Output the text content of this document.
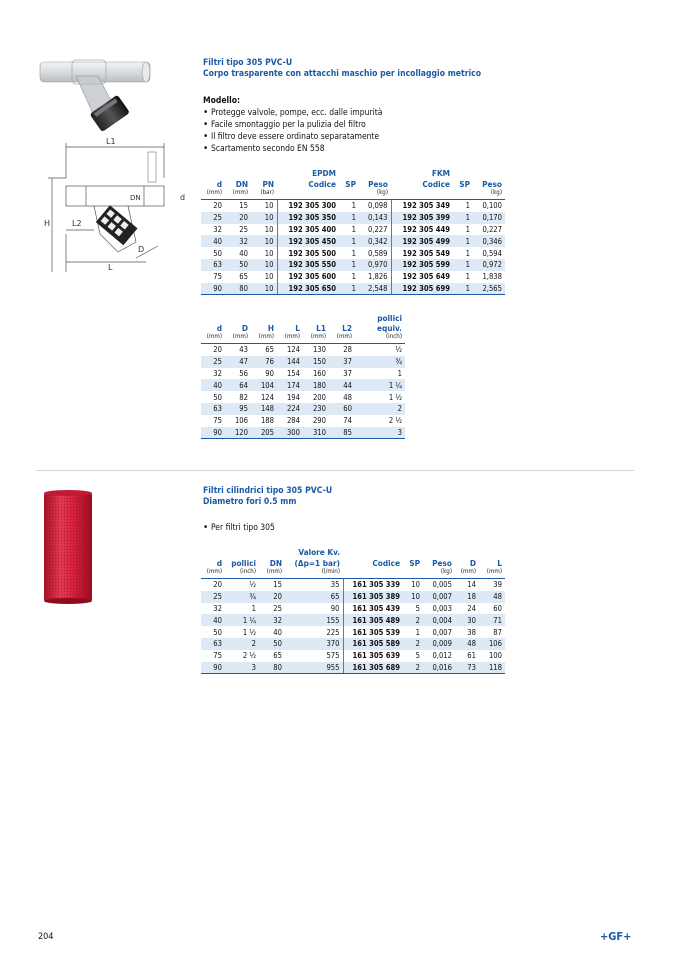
L1
L2
L
H
d
DN
D
Filtri tipo 305 PVC-U
Corpo trasparente con attacchi maschio per incollaggio metrico
Modello:
• Protegge valvole, pompe, ecc. dalle impurità
• Facile smontaggio per la pulizia del filtro
• Il filtro deve essere ordinato separatamente
• Scartamento secondo EN 558
			EPDM			FKM		
d	DN	PN	Codice	SP	Peso	Codice	SP	Peso
(mm)	(mm)	(bar)			(kg)			(kg)
20	15	10	192 305 300	1	0,098	192 305 349	1	0,100
25	20	10	192 305 350	1	0,143	192 305 399	1	0,170
32	25	10	192 305 400	1	0,227	192 305 449	1	0,227
40	32	10	192 305 450	1	0,342	192 305 499	1	0,346
50	40	10	192 305 500	1	0,589	192 305 549	1	0,594
63	50	10	192 305 550	1	0,970	192 305 599	1	0,972
75	65	10	192 305 600	1	1,826	192 305 649	1	1,838
90	80	10	192 305 650	1	2,548	192 305 699	1	2,565
d	D	H	L	L1	L2	pollici equiv.
(mm)	(mm)	(mm)	(mm)	(mm)	(mm)	(inch)
20	43	65	124	130	28	½
25	47	76	144	150	37	¾
32	56	90	154	160	37	1
40	64	104	174	180	44	1 ¼
50	82	124	194	200	48	1 ½
63	95	148	224	230	60	2
75	106	188	284	290	74	2 ½
90	120	205	300	310	85	3
Filtri cilindrici tipo 305 PVC-U
Diametro fori 0.5 mm
• Per filtri tipo 305
			Valore Kv.					
d	pollici	DN	(Δp=1 bar)	Codice	SP	Peso	D	L
(mm)	(inch)	(mm)	(l/min)			(kg)	(mm)	(mm)
20	½	15	35	161 305 339	10	0,005	14	39
25	¾	20	65	161 305 389	10	0,007	18	48
32	1	25	90	161 305 439	5	0,003	24	60
40	1 ¼	32	155	161 305 489	2	0,004	30	71
50	1 ½	40	225	161 305 539	1	0,007	38	87
63	2	50	370	161 305 589	2	0,009	48	106
75	2 ½	65	575	161 305 639	5	0,012	61	100
90	3	80	955	161 305 689	2	0,016	73	118
204	+GF+
